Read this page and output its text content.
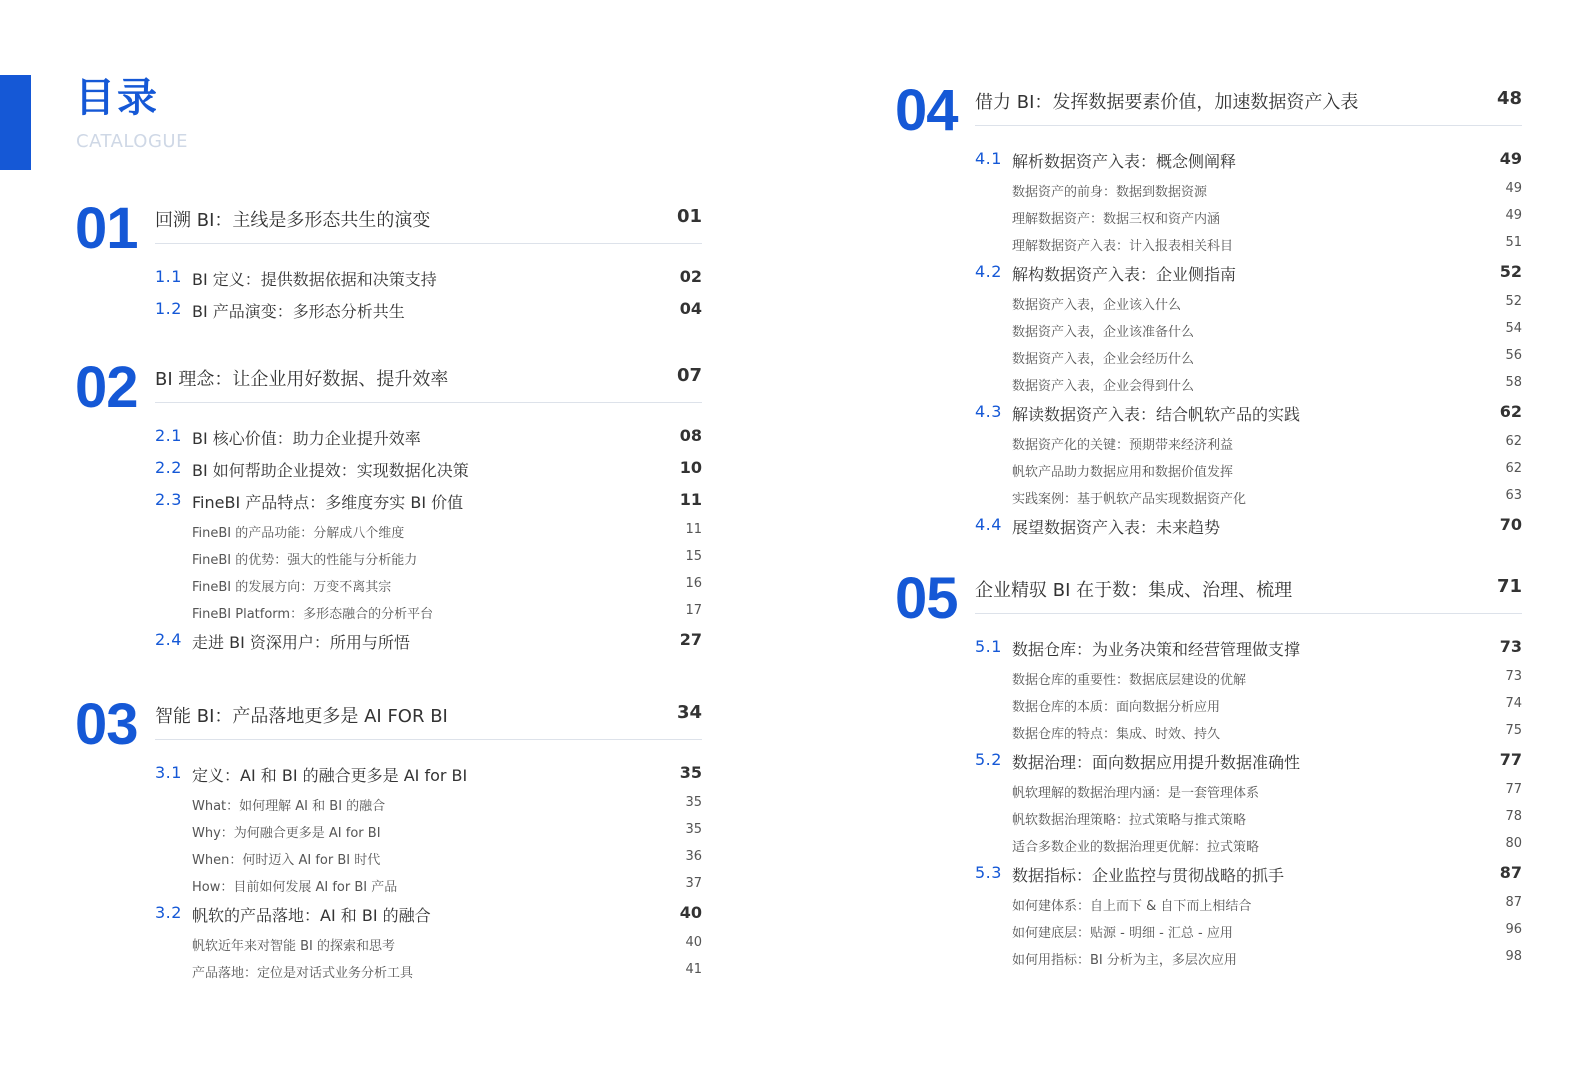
目录
CATALOGUE
01 回溯 BI：主线是多形态共生的演变	01
1.1 BI 定义：提供数据依据和决策支持	02
1.2 BI 产品演变：多形态分析共生	04
02 BI 理念：让企业用好数据、提升效率	07
2.1 BI 核心价值：助力企业提升效率	08
2.2 BI 如何帮助企业提效：实现数据化决策	10
2.3 FineBI 产品特点：多维度夯实 BI 价值	11
FineBI 的产品功能：分解成八个维度	11
FineBI 的优势：强大的性能与分析能力	15
FineBI 的发展方向：万变不离其宗	16
FineBI Platform：多形态融合的分析平台	17
2.4 走进 BI 资深用户：所用与所悟	27
03 智能 BI：产品落地更多是 AI FOR BI	34
3.1 定义：AI 和 BI 的融合更多是 AI for BI	35
What：如何理解 AI 和 BI 的融合	35
Why：为何融合更多是 AI for BI	35
When：何时迈入 AI for BI 时代	36
How：目前如何发展 AI for BI 产品	37
3.2 帆软的产品落地：AI 和 BI 的融合	40
帆软近年来对智能 BI 的探索和思考	40
产品落地：定位是对话式业务分析工具	41
04 借力 BI：发挥数据要素价值，加速数据资产入表	48
4.1 解析数据资产入表：概念侧阐释	49
数据资产的前身：数据到数据资源	49
理解数据资产：数据三权和资产内涵	49
理解数据资产入表：计入报表相关科目	51
4.2 解构数据资产入表：企业侧指南	52
数据资产入表，企业该入什么	52
数据资产入表，企业该准备什么	54
数据资产入表，企业会经历什么	56
数据资产入表，企业会得到什么	58
4.3 解读数据资产入表：结合帆软产品的实践	62
数据资产化的关键：预期带来经济利益	62
帆软产品助力数据应用和数据价值发挥	62
实践案例：基于帆软产品实现数据资产化	63
4.4 展望数据资产入表：未来趋势	70
05 企业精驭 BI 在于数：集成、治理、梳理	71
5.1 数据仓库：为业务决策和经营管理做支撑	73
数据仓库的重要性：数据底层建设的优解	73
数据仓库的本质：面向数据分析应用	74
数据仓库的特点：集成、时效、持久	75
5.2 数据治理：面向数据应用提升数据准确性	77
帆软理解的数据治理内涵：是一套管理体系	77
帆软数据治理策略：拉式策略与推式策略	78
适合多数企业的数据治理更优解：拉式策略	80
5.3 数据指标：企业监控与贯彻战略的抓手	87
如何建体系：自上而下 & 自下而上相结合	87
如何建底层：贴源 - 明细 - 汇总 - 应用	96
如何用指标：BI 分析为主，多层次应用	98
